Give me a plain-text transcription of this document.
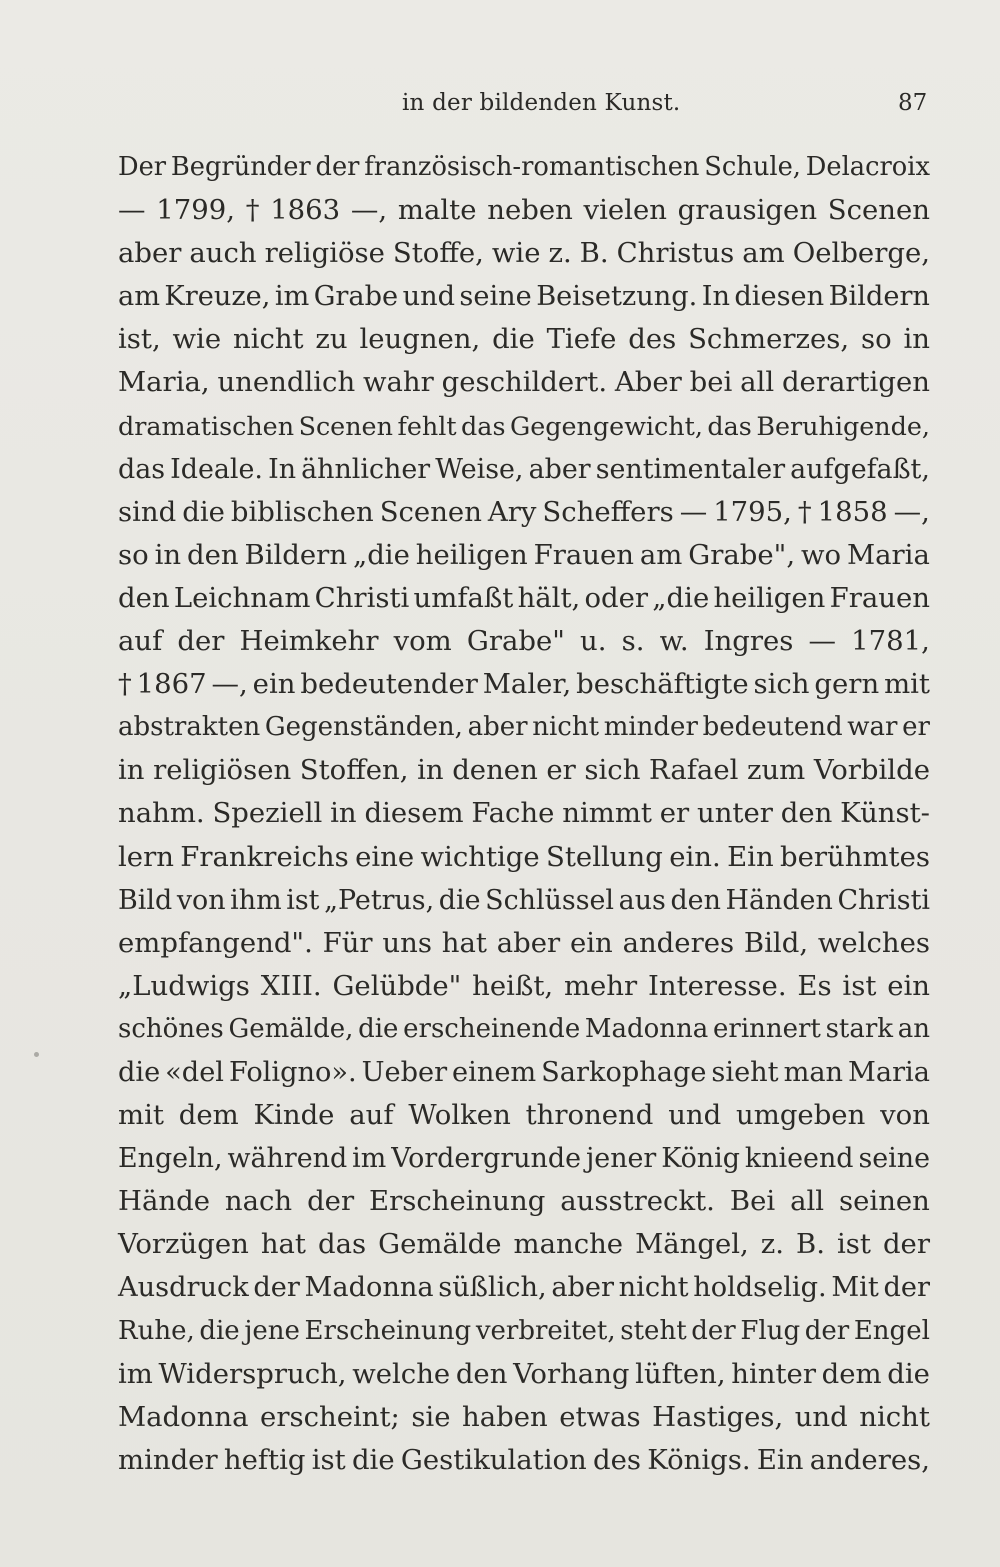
in der bildenden Kunst.	87
Der Begründer der französisch-romantischen Schule, Delacroix
— 1799, † 1863 —, malte neben vielen grausigen Scenen
aber auch religiöse Stoffe, wie z. B. Christus am Oelberge,
am Kreuze, im Grabe und seine Beisetzung. In diesen Bildern
ist, wie nicht zu leugnen, die Tiefe des Schmerzes, so in
Maria, unendlich wahr geschildert. Aber bei all derartigen
dramatischen Scenen fehlt das Gegengewicht, das Beruhigende,
das Ideale. In ähnlicher Weise, aber sentimentaler aufgefaßt,
sind die biblischen Scenen Ary Scheffers — 1795, † 1858 —,
so in den Bildern „die heiligen Frauen am Grabe", wo Maria
den Leichnam Christi umfaßt hält, oder „die heiligen Frauen
auf der Heimkehr vom Grabe" u. s. w. Ingres — 1781,
† 1867 —, ein bedeutender Maler, beschäftigte sich gern mit
abstrakten Gegenständen, aber nicht minder bedeutend war er
in religiösen Stoffen, in denen er sich Rafael zum Vorbilde
nahm. Speziell in diesem Fache nimmt er unter den Künst-
lern Frankreichs eine wichtige Stellung ein. Ein berühmtes
Bild von ihm ist „Petrus, die Schlüssel aus den Händen Christi
empfangend". Für uns hat aber ein anderes Bild, welches
„Ludwigs XIII. Gelübde" heißt, mehr Interesse. Es ist ein
schönes Gemälde, die erscheinende Madonna erinnert stark an
die «del Foligno». Ueber einem Sarkophage sieht man Maria
mit dem Kinde auf Wolken thronend und umgeben von
Engeln, während im Vordergrunde jener König knieend seine
Hände nach der Erscheinung ausstreckt. Bei all seinen
Vorzügen hat das Gemälde manche Mängel, z. B. ist der
Ausdruck der Madonna süßlich, aber nicht holdselig. Mit der
Ruhe, die jene Erscheinung verbreitet, steht der Flug der Engel
im Widerspruch, welche den Vorhang lüften, hinter dem die
Madonna erscheint; sie haben etwas Hastiges, und nicht
minder heftig ist die Gestikulation des Königs. Ein anderes,
